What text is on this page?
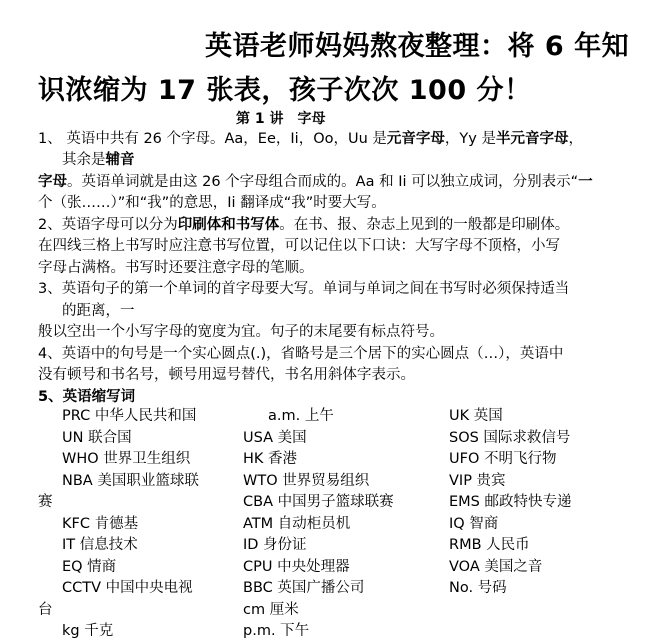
英语老师妈妈熬夜整理：将 6 年知
识浓缩为 17 张表，孩子次次 100 分！
第 1 讲　字母
1、 英语中共有 26 个字母。Aa，Ee，Ii，Oo，Uu 是元音字母，Yy 是半元音字母，
其余是辅音
字母。英语单词就是由这 26 个字母组合而成的。Aa 和 Ii 可以独立成词，分别表示“一
个（张……）”和“我”的意思，Ii 翻译成“我”时要大写。
2、英语字母可以分为印刷体和书写体。在书、报、杂志上见到的一般都是印刷体。
在四线三格上书写时应注意书写位置，可以记住以下口诀：大写字母不顶格，小写
字母占满格。书写时还要注意字母的笔顺。
3、英语句子的第一个单词的首字母要大写。单词与单词之间在书写时必须保持适当
的距离，一
般以空出一个小写字母的宽度为宜。句子的末尾要有标点符号。
4、英语中的句号是一个实心圆点(.)，省略号是三个居下的实心圆点（…），英语中
没有顿号和书名号，顿号用逗号替代，书名用斜体字表示。
5、英语缩写词
PRC 中华人民共和国	a.m. 上午	UK 英国
UN 联合国	USA 美国	SOS 国际求救信号
WHO 世界卫生组织	HK 香港	UFO 不明飞行物
NBA 美国职业篮球联	WTO 世界贸易组织	VIP 贵宾
赛	CBA 中国男子篮球联赛	EMS 邮政特快专递
KFC 肯德基	ATM 自动柜员机	IQ 智商
IT 信息技术	ID 身份证	RMB 人民币
EQ 情商	CPU 中央处理器	VOA 美国之音
CCTV 中国中央电视	BBC 英国广播公司	No. 号码
台	cm 厘米
kg 千克	p.m. 下午
